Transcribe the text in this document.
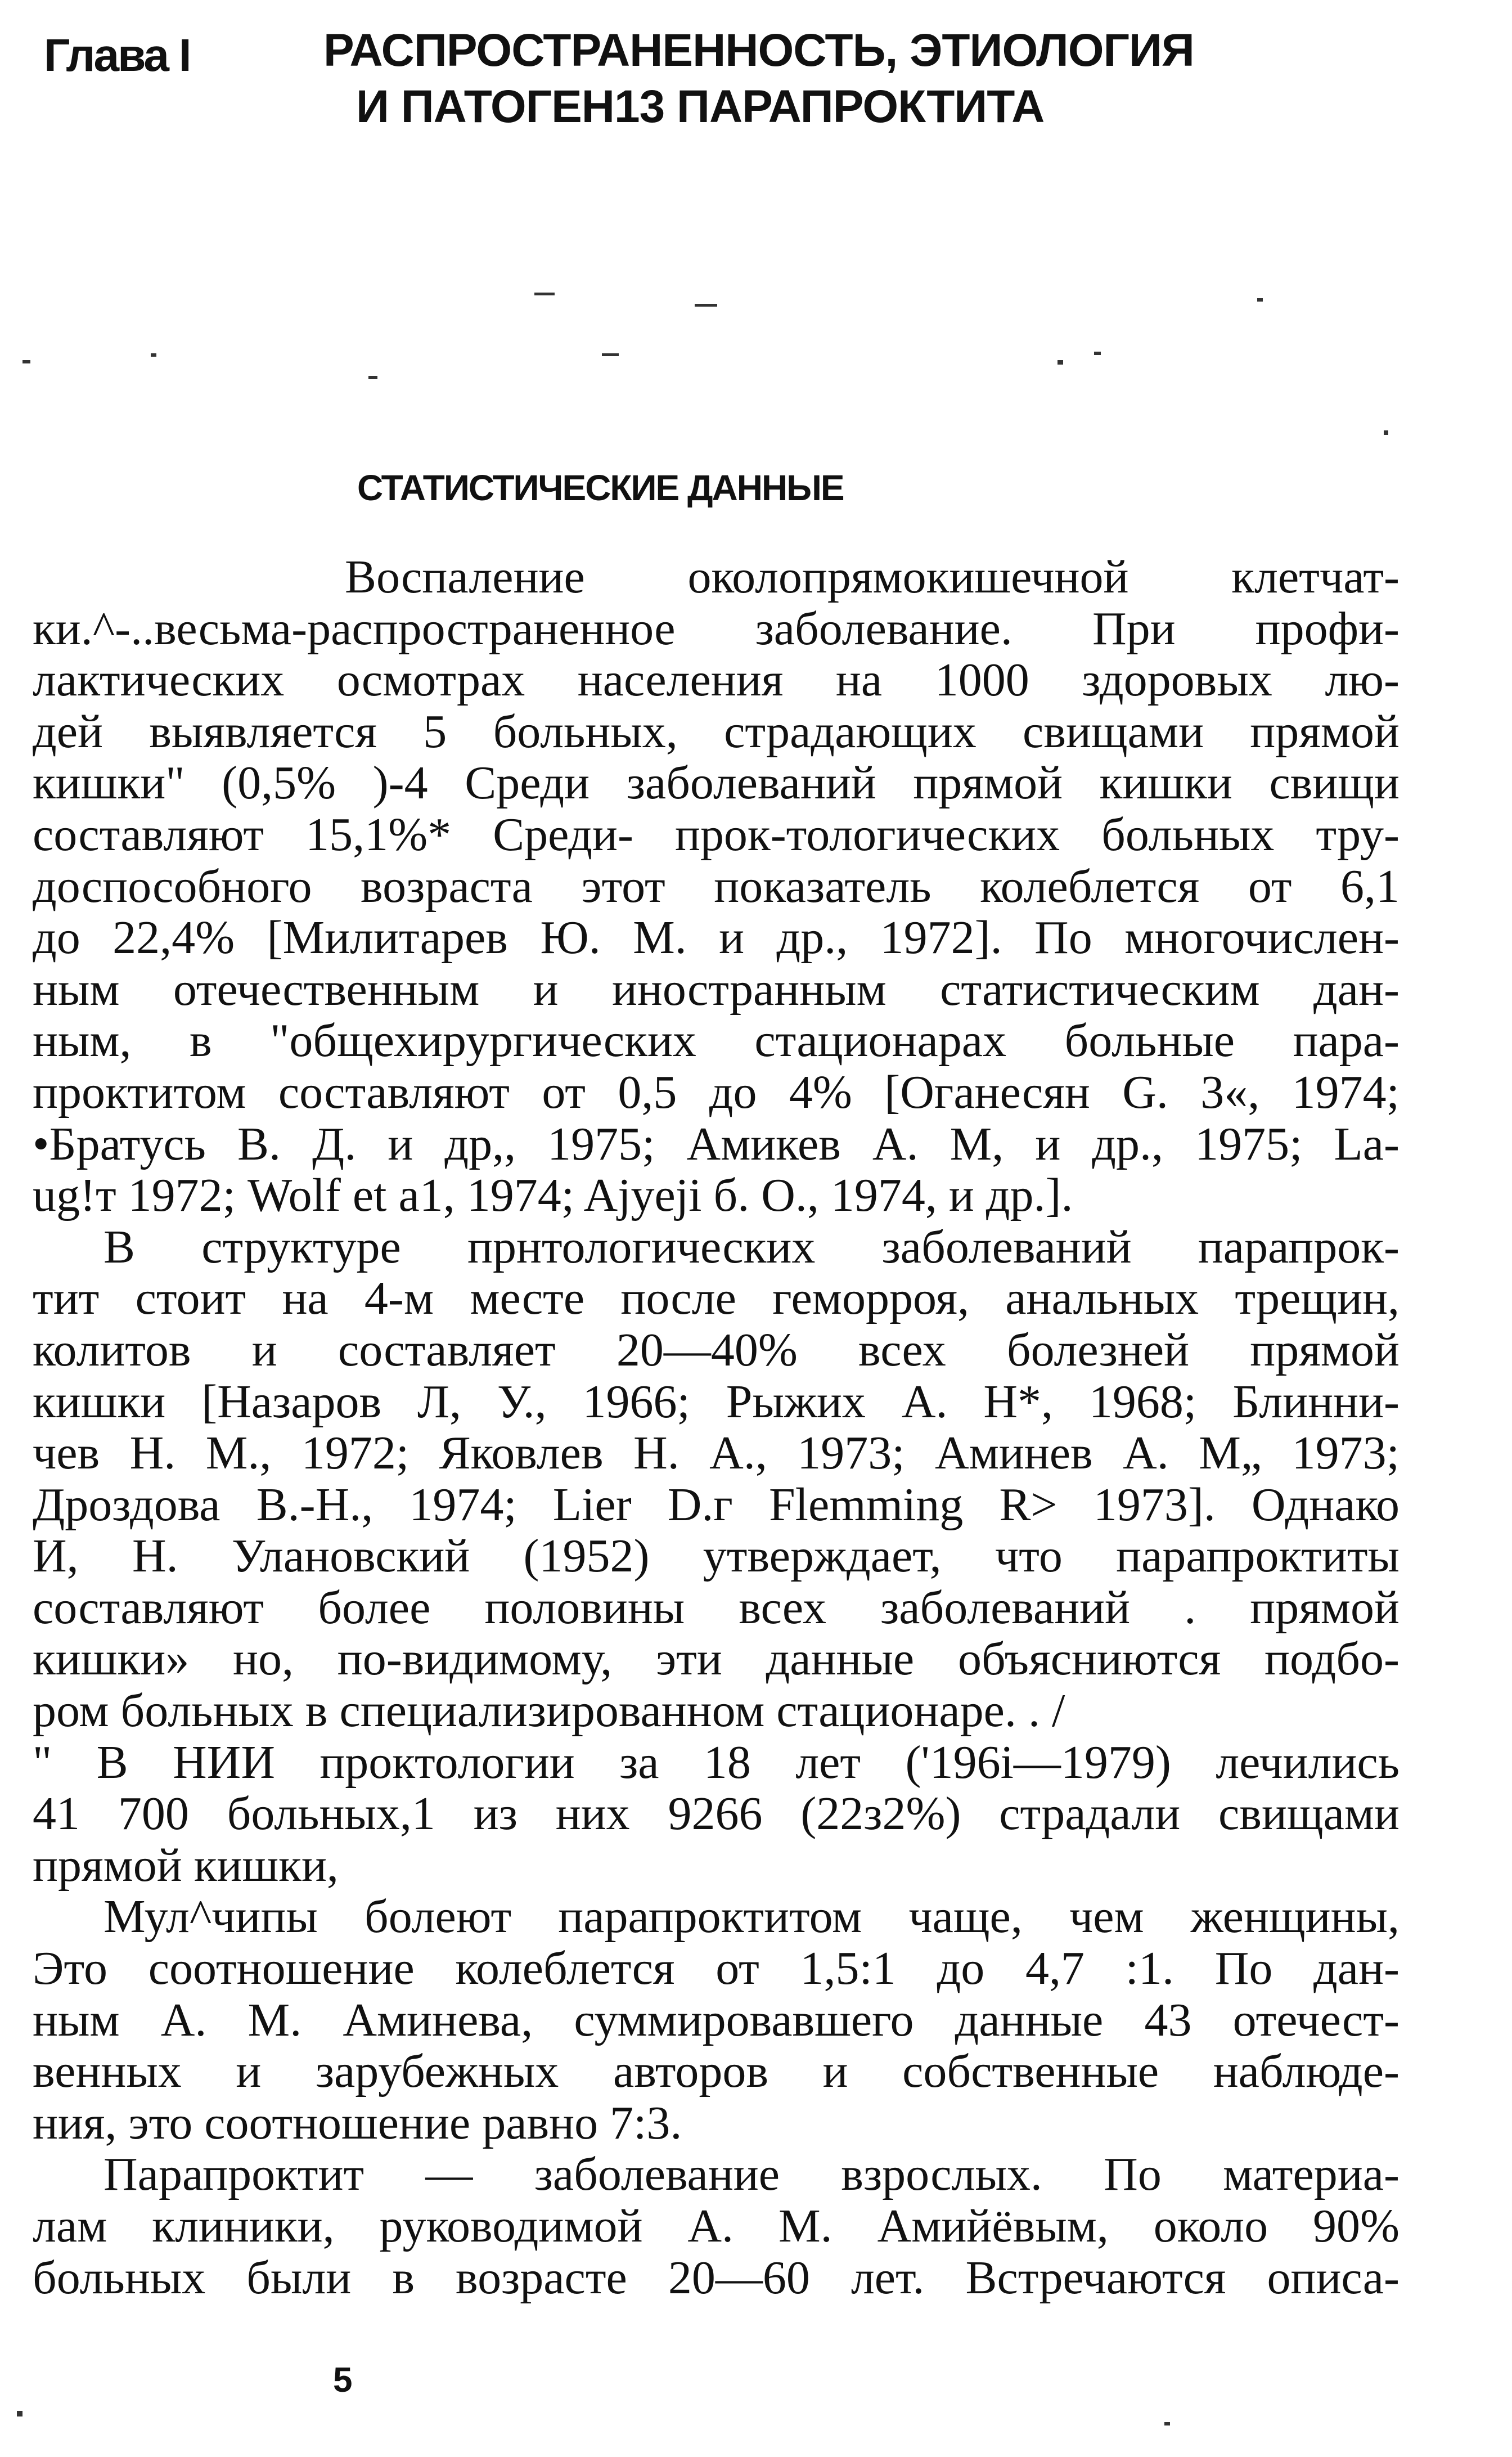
Глава I	РАСПРОСТРАНЕННОСТЬ, ЭТИОЛОГИЯ
И ПАТОГЕН13 ПАРАПРОКТИТА
СТАТИСТИЧЕСКИЕ ДАННЫЕ
Воспаление околопрямокишечной клетчат-
ки.^-..весьма-распространенное заболевание. При профи-
лактических осмотрах населения на 1000 здоровых лю-
дей выявляется 5 больных, страдающих свищами прямой
кишки" (0,5% )-4 Среди заболеваний прямой кишки свищи
составляют 15,1%* Среди- прок-тологических больных тру-
доспособного возраста этот показатель колеблется от 6,1
до 22,4% [Милитарев Ю. М. и др., 1972]. По многочислен-
ным отечественным и иностранным статистическим дан-
ным, в "общехирургических стационарах больные пара-
проктитом составляют от 0,5 до 4% [Оганесян G. 3«, 1974;
•Братусь В. Д. и др,, 1975; Амикев А. М, и др., 1975; La-
ug!т 1972; Wolf et a1, 1974; Ajyeji б. О., 1974, и др.].
В структуре прнтологических заболеваний парапрок-
тит стоит на 4-м месте после геморроя, анальных трещин,
колитов и составляет 20—40% всех болезней прямой
кишки [Назаров Л, У., 1966; Рыжих А. Н*, 1968; Блинни-
чев Н. М., 1972; Яковлев Н. А., 1973; Аминев А. М„ 1973;
Дроздова В.-Н., 1974; Lier D.г Flemming R> 1973]. Однако
И, Н. Улановский (1952) утверждает, что парапроктиты
составляют более половины всех заболеваний . прямой
кишки» но, по-видимому, эти данные объясниются подбо-
ром больных в специализированном стационаре. . /
" В НИИ проктологии за 18 лет ('196i—1979) лечились
41 700 больных,1 из них 9266 (22з2%) страдали свищами
прямой кишки,
Мул^чипы болеют парапроктитом чаще, чем женщины,
Это соотношение колеблется от 1,5:1 до 4,7 :1. По дан-
ным А. М. Аминева, суммировавшего данные 43 отечест-
венных и зарубежных авторов и собственные наблюде-
ния, это соотношение равно 7:3.
Парапроктит — заболевание взрослых. По материа-
лам клиники, руководимой А. М. Амийёвым, около 90%
больных были в возрасте 20—60 лет. Встречаются описа-
5
